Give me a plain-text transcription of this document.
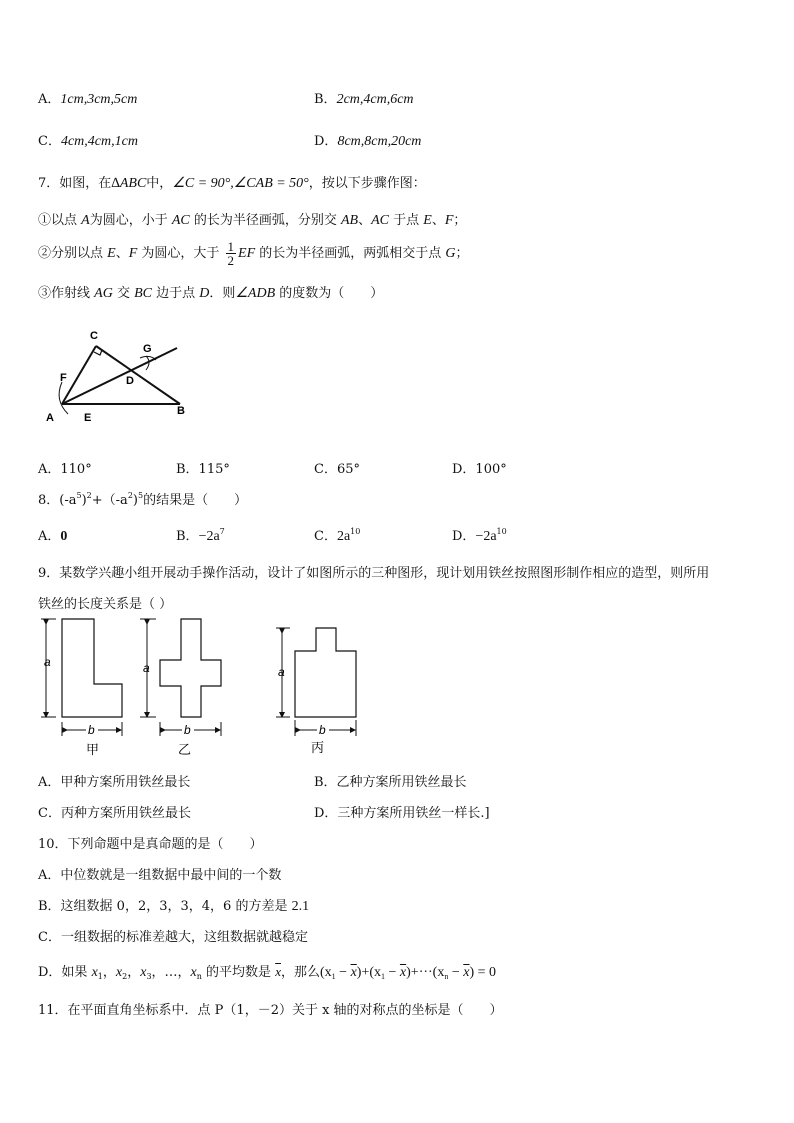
A．1cm,3cm,5cm	B．2cm,4cm,6cm
C．4cm,4cm,1cm	D．8cm,8cm,20cm
7．如图，在∆ABC中，∠C = 90°,∠CAB = 50°，按以下步骤作图：
①以点 A为圆心，小于 AC 的长为半径画弧，分别交 AB、AC 于点 E、F；
②分别以点 E、F 为圆心，大于 $\frac{1}{2}$ EF 的长为半径画弧，两弧相交于点 G；
③作射线 AG 交 BC 边于点 D．则∠ADB 的度数为（　　）
C
G
F	D
A	E
B
A．110°	B．115°	C．65°	D．100°
8．$(-a^5)^2+(-a^2)^5$的结果是（　　）
A．0	B．$-2a^7$	C．$2a^{10}$	D．$-2a^{10}$
9．某数学兴趣小组开展动手操作活动，设计了如图所示的三种图形，现计划用铁丝按照图形制作相应的造型，则所用
铁丝的长度关系是（ ）
a
b
甲
a
b
乙
a
b
丙
A．甲种方案所用铁丝最长	B．乙种方案所用铁丝最长
C．丙种方案所用铁丝最长	D．三种方案所用铁丝一样长.]
10．下列命题中是真命题的是（　　）
A．中位数就是一组数据中最中间的一个数
B．这组数据 0，2，3，3，4，6 的方差是 2.1
C．一组数据的标准差越大，这组数据就越稳定
D．如果 $x_1$，$x_2$，$x_3$，…，$x_n$ 的平均数是 $\overline{x}$，那么$(x_1 - \overline{x})+(x_1 - \overline{x})+\cdot\cdot\cdot(x_n - \overline{x}) = 0$
11．在平面直角坐标系中．点 P（1，－2）关于 x 轴的对称点的坐标是（　　）
